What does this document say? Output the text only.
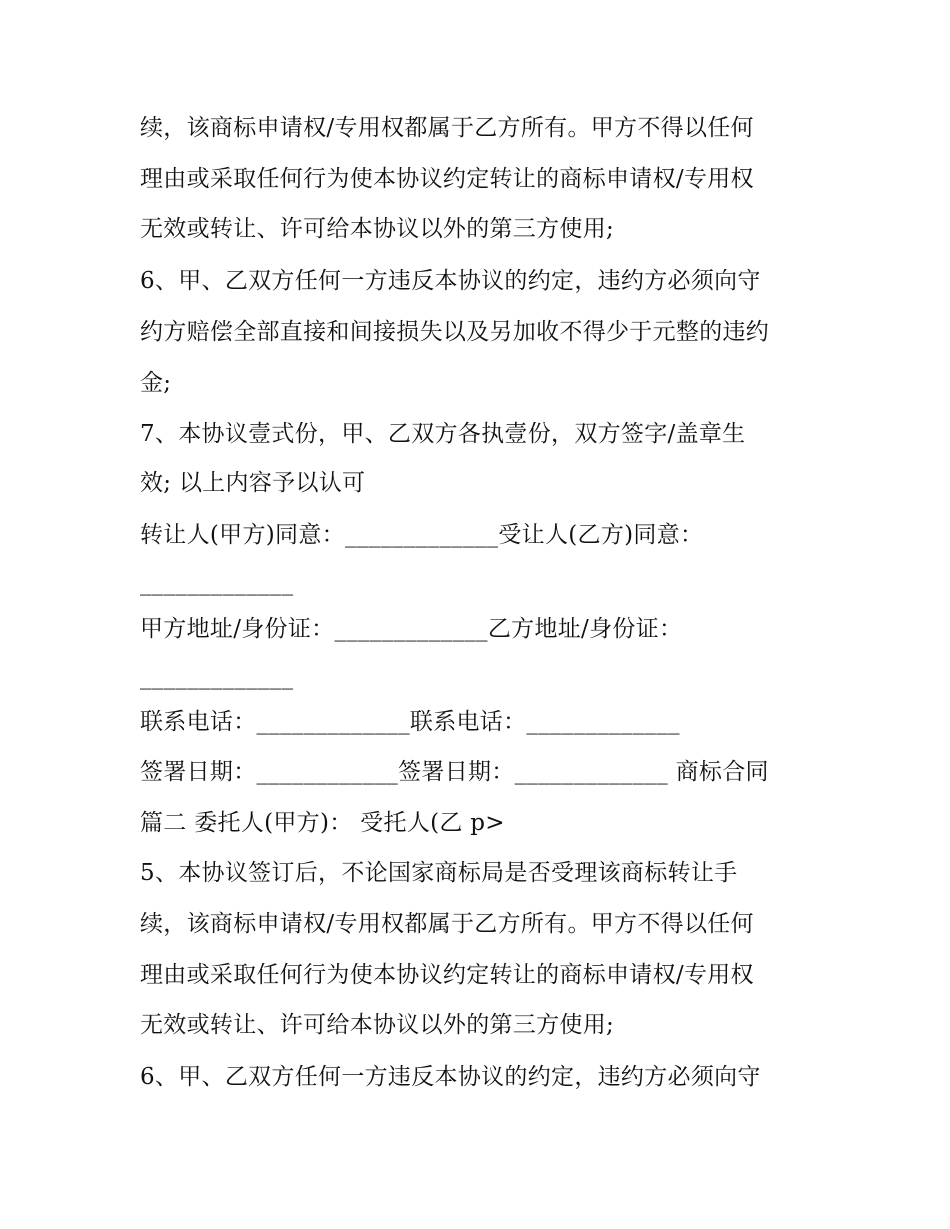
续，该商标申请权/专用权都属于乙方所有。甲方不得以任何
理由或采取任何行为使本协议约定转让的商标申请权/专用权
无效或转让、许可给本协议以外的第三方使用;
6、甲、乙双方任何一方违反本协议的约定，违约方必须向守
约方赔偿全部直接和间接损失以及另加收不得少于元整的违约
金;
7、本协议壹式份，甲、乙双方各执壹份，双方签字/盖章生
效; 以上内容予以认可
转让人(甲方)同意：_____________受让人(乙方)同意：
_____________
甲方地址/身份证：_____________乙方地址/身份证：
_____________
联系电话：_____________联系电话：_____________
签署日期：____________签署日期：_____________ 商标合同
篇二 委托人(甲方)： 受托人(乙 p>
5、本协议签订后，不论国家商标局是否受理该商标转让手
续，该商标申请权/专用权都属于乙方所有。甲方不得以任何
理由或采取任何行为使本协议约定转让的商标申请权/专用权
无效或转让、许可给本协议以外的第三方使用;
6、甲、乙双方任何一方违反本协议的约定，违约方必须向守
